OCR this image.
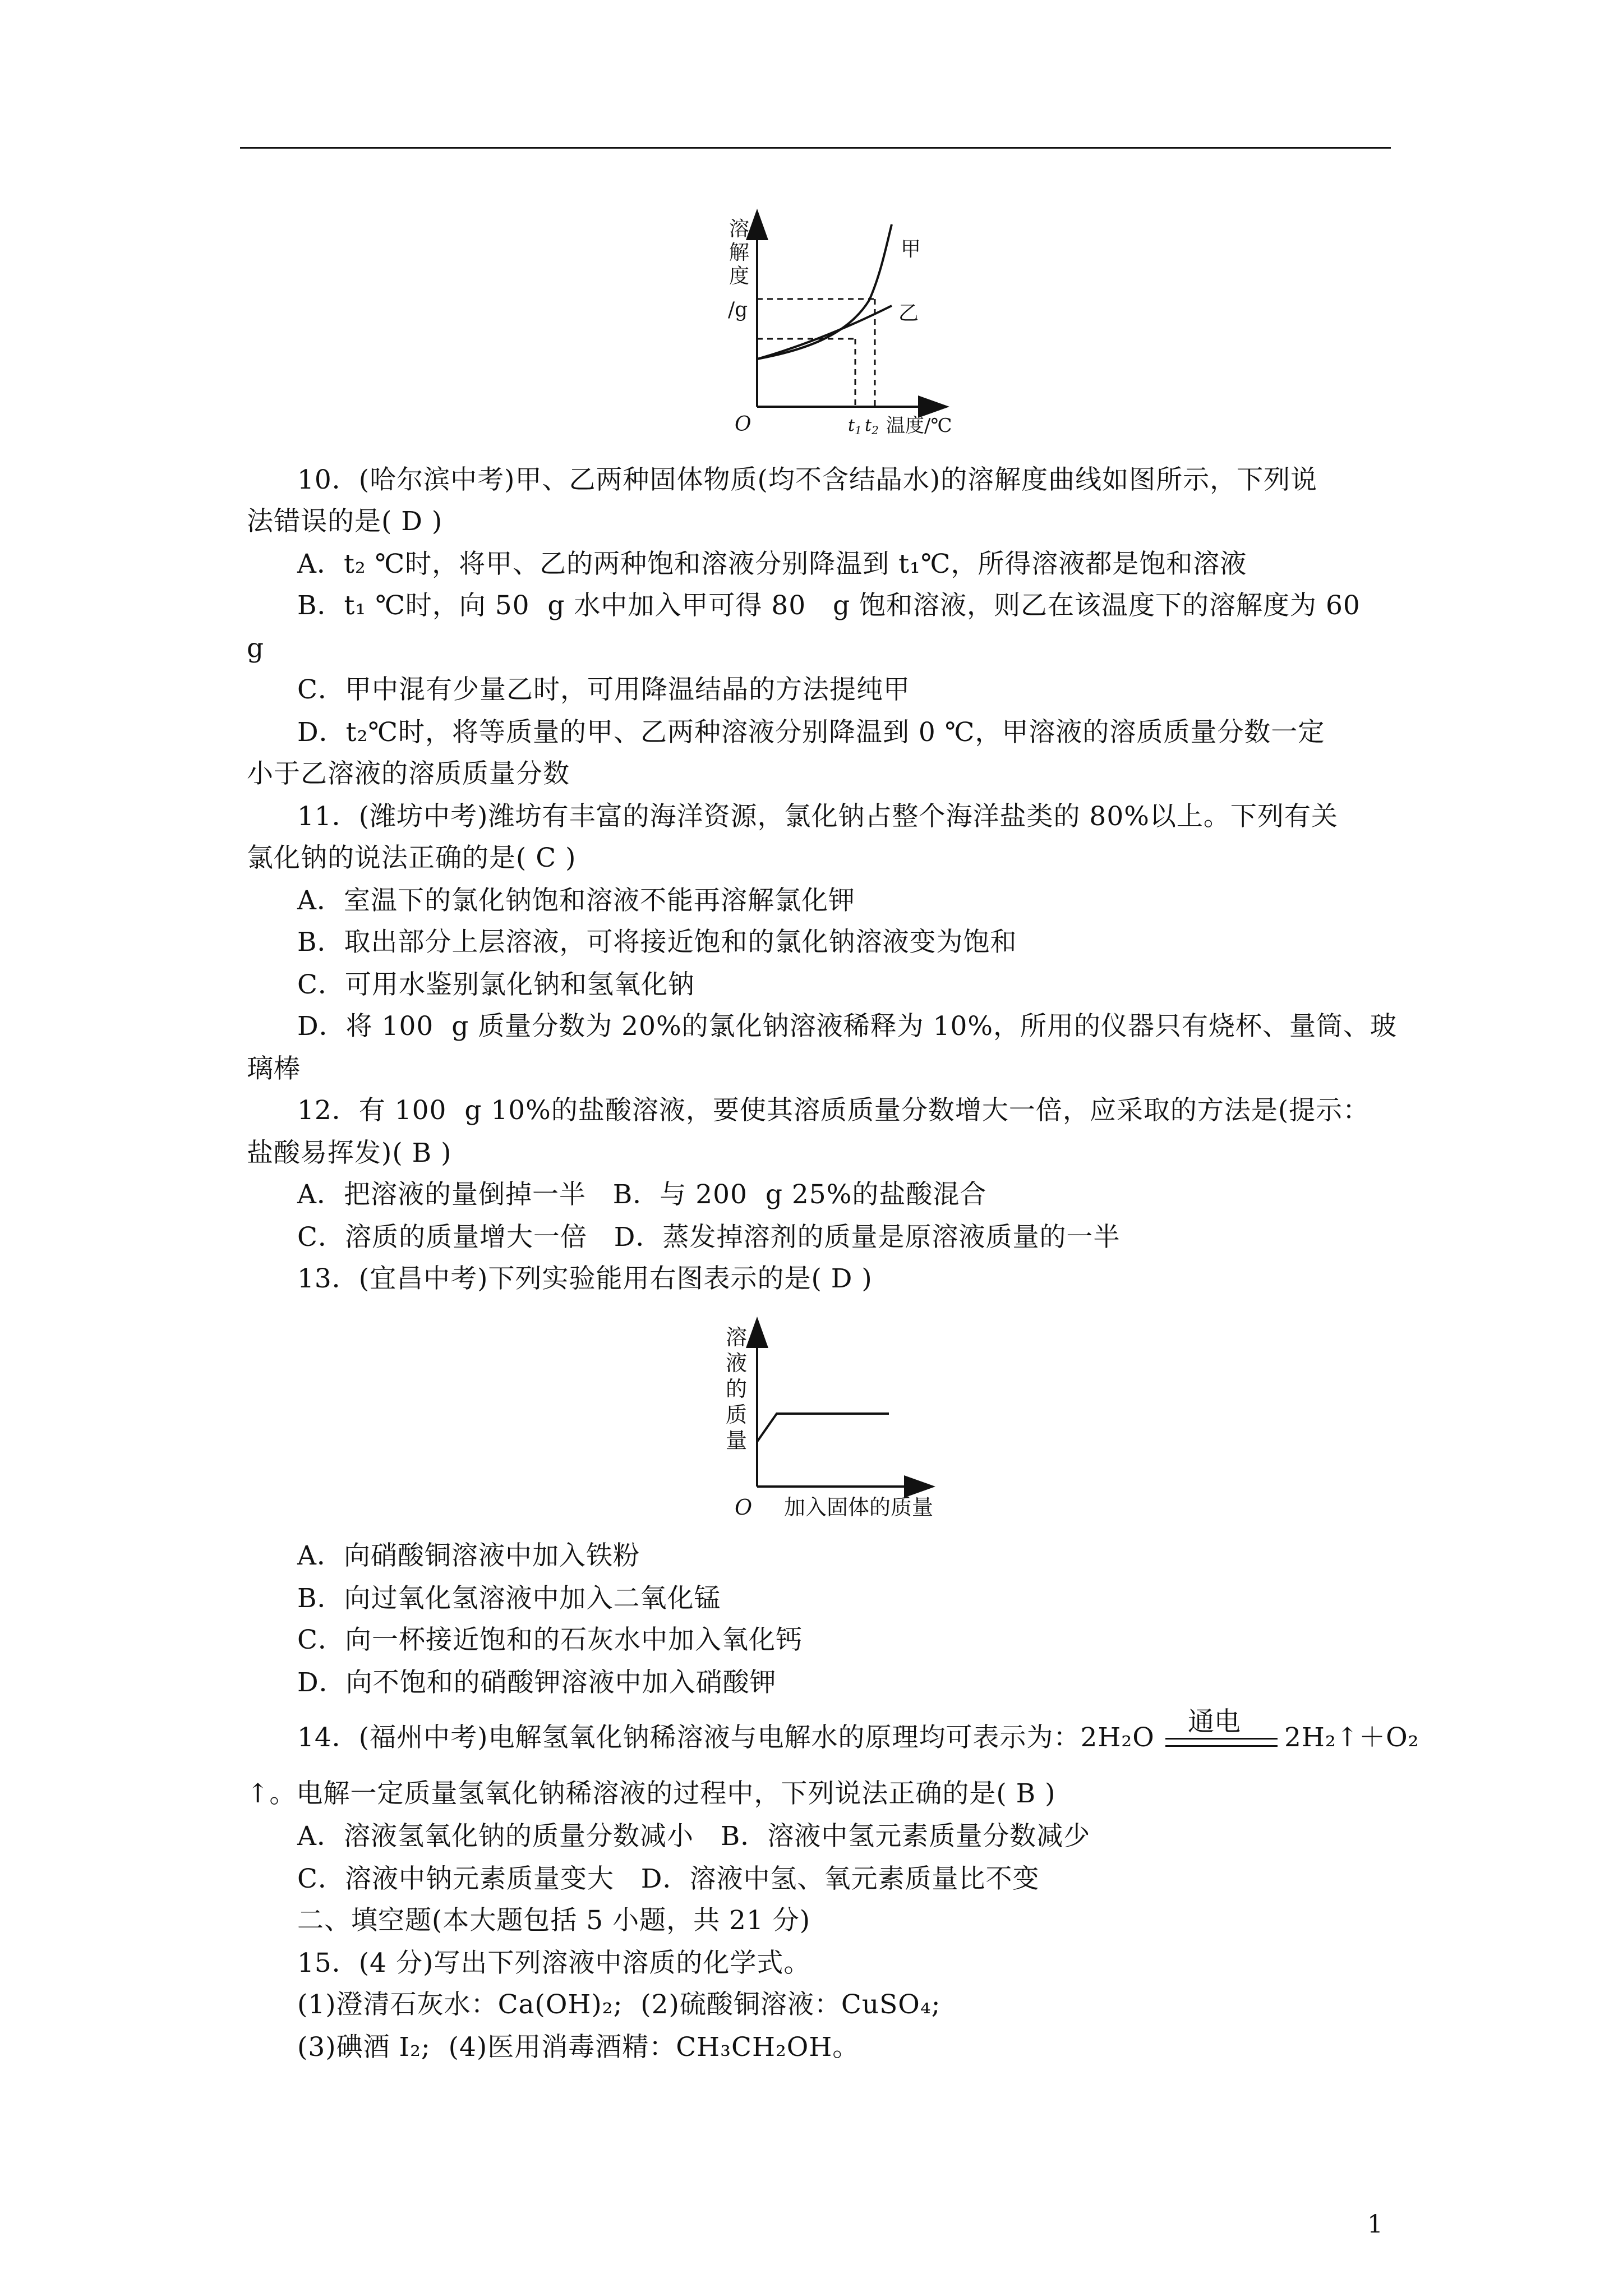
溶
解
度
/g
甲
乙
O	$t_1$ $t_2$ 温度/℃
10．(哈尔滨中考)甲、乙两种固体物质(均不含结晶水)的溶解度曲线如图所示，下列说
法错误的是( D )
A．t₂ ℃时，将甲、乙的两种饱和溶液分别降温到 t₁℃，所得溶液都是饱和溶液
B．t₁ ℃时，向 50  g 水中加入甲可得 80   g 饱和溶液，则乙在该温度下的溶解度为 60
g
C．甲中混有少量乙时，可用降温结晶的方法提纯甲
D．t₂℃时，将等质量的甲、乙两种溶液分别降温到 0 ℃，甲溶液的溶质质量分数一定
小于乙溶液的溶质质量分数
11．(潍坊中考)潍坊有丰富的海洋资源，氯化钠占整个海洋盐类的 80%以上。下列有关
氯化钠的说法正确的是( C )
A．室温下的氯化钠饱和溶液不能再溶解氯化钾
B．取出部分上层溶液，可将接近饱和的氯化钠溶液变为饱和
C．可用水鉴别氯化钠和氢氧化钠
D．将 100  g 质量分数为 20%的氯化钠溶液稀释为 10%，所用的仪器只有烧杯、量筒、玻
璃棒
12．有 100  g 10%的盐酸溶液，要使其溶质质量分数增大一倍，应采取的方法是(提示：
盐酸易挥发)( B )
A．把溶液的量倒掉一半   B．与 200  g 25%的盐酸混合
C．溶质的质量增大一倍   D．蒸发掉溶剂的质量是原溶液质量的一半
13．(宜昌中考)下列实验能用右图表示的是( D )
溶
液
的
质
量
O 加入固体的质量
A．向硝酸铜溶液中加入铁粉
B．向过氧化氢溶液中加入二氧化锰
C．向一杯接近饱和的石灰水中加入氧化钙
D．向不饱和的硝酸钾溶液中加入硝酸钾
14．(福州中考)电解氢氧化钠稀溶液与电解水的原理均可表示为：2H₂O
通电
2H₂↑＋O₂
↑。电解一定质量氢氧化钠稀溶液的过程中，下列说法正确的是( B )
A．溶液氢氧化钠的质量分数减小   B．溶液中氢元素质量分数减少
C．溶液中钠元素质量变大   D．溶液中氢、氧元素质量比不变
二、填空题(本大题包括 5 小题，共 21 分)
15．(4 分)写出下列溶液中溶质的化学式。
(1)澄清石灰水：Ca(OH)₂;  (2)硫酸铜溶液：CuSO₄;
(3)碘酒 I₂;  (4)医用消毒酒精：CH₃CH₂OH。
1
